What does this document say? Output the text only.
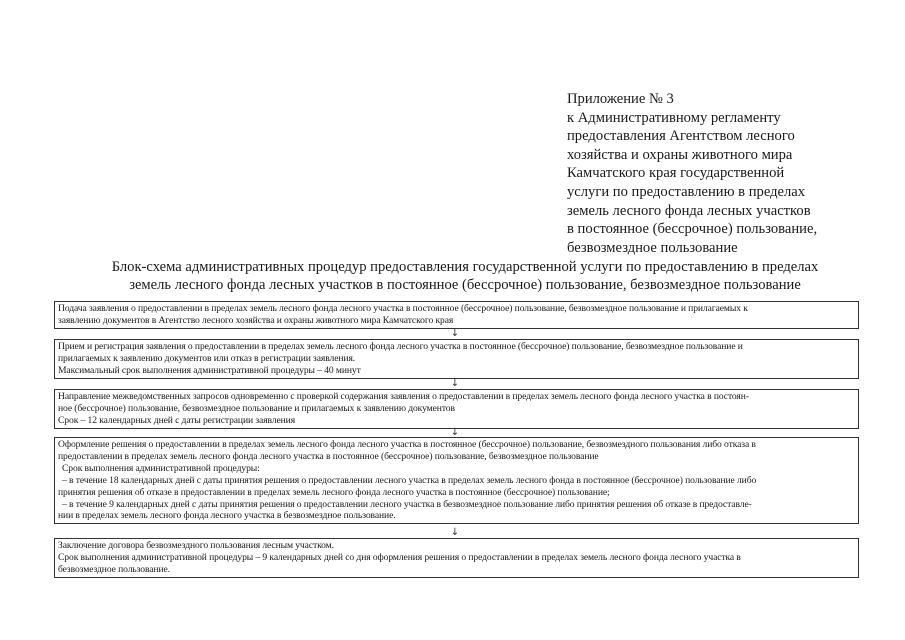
Приложение № 3
к Административному регламенту
предоставления Агентством лесного
хозяйства и охраны животного мира
Камчатского края государственной
услуги по предоставлению в пределах
земель лесного фонда лесных участков
в постоянное (бессрочное) пользование,
безвозмездное пользование
Блок-схема административных процедур предоставления государственной услуги по предоставлению в пределах
земель лесного фонда лесных участков в постоянное (бессрочное) пользование, безвозмездное пользование
Подача заявления о предоставлении в пределах земель лесного фонда лесного участка в постоянное (бессрочное) пользование, безвозмездное пользование и прилагаемых к
заявлению документов в Агентство лесного хозяйства и охраны животного мира Камчатского края
↓
Прием и регистрация заявления о предоставлении в пределах земель лесного фонда лесного участка в постоянное (бессрочное) пользование, безвозмездное пользование и
прилагаемых к заявлению документов или отказ в регистрации заявления.
Максимальный срок выполнения административной процедуры – 40 минут
↓
Направление межведомственных запросов одновременно с проверкой содержания заявления о предоставлении в пределах земель лесного фонда лесного участка в постоян-
ное (бессрочное) пользование, безвозмездное пользование и прилагаемых к заявлению документов
Срок – 12 календарных дней с даты регистрации заявления
↓
Оформление решения о предоставлении в пределах земель лесного фонда лесного участка в постоянное (бессрочное) пользование, безвозмездного пользования либо отказа в
предоставлении в пределах земель лесного фонда лесного участка в постоянное (бессрочное) пользование, безвозмездное пользование
Срок выполнения административной процедуры:
– в течение 18 календарных дней с даты принятия решения о предоставлении лесного участка в пределах земель лесного фонда в постоянное (бессрочное) пользование либо
принятия решения об отказе в предоставлении в пределах земель лесного фонда лесного участка в постоянное (бессрочное) пользование;
– в течение 9 календарных дней с даты принятия решения о предоставлении лесного участка в безвозмездное пользование либо принятия решения об отказе в предоставле-
нии в пределах земель лесного фонда лесного участка в безвозмездное пользование.
↓
Заключение договора безвозмездного пользования лесным участком.
Срок выполнения административной процедуры – 9 календарных дней со дня оформления решения о предоставлении в пределах земель лесного фонда лесного участка в
безвозмездное пользование.
